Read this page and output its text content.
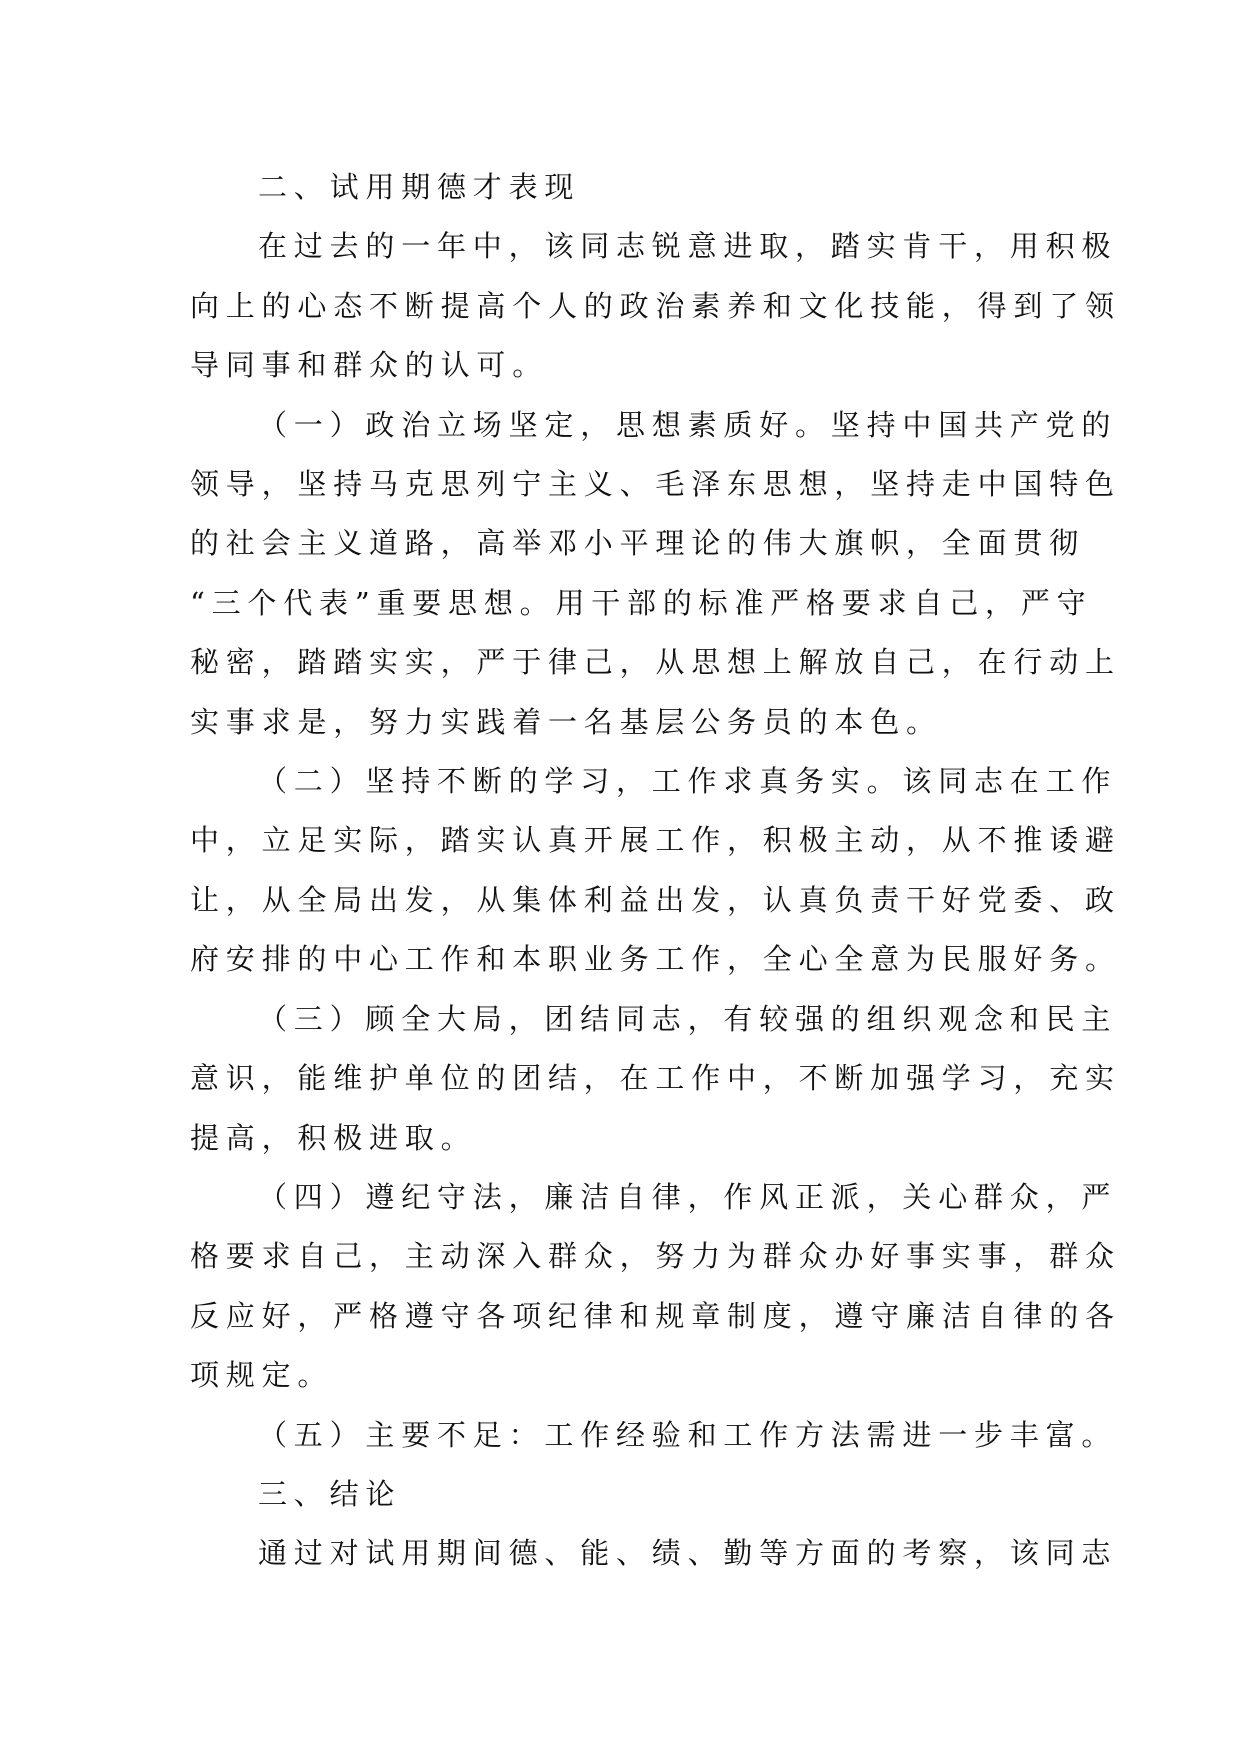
二、试用期德才表现
在过去的一年中，该同志锐意进取，踏实肯干，用积极
向上的心态不断提高个人的政治素养和文化技能，得到了领
导同事和群众的认可。
（一）政治立场坚定，思想素质好。坚持中国共产党的
领导，坚持马克思列宁主义、毛泽东思想，坚持走中国特色
的社会主义道路，高举邓小平理论的伟大旗帜，全面贯彻
“三个代表”重要思想。用干部的标准严格要求自己，严守
秘密，踏踏实实，严于律己，从思想上解放自己，在行动上
实事求是，努力实践着一名基层公务员的本色。
（二）坚持不断的学习，工作求真务实。该同志在工作
中，立足实际，踏实认真开展工作，积极主动，从不推诿避
让，从全局出发，从集体利益出发，认真负责干好党委、政
府安排的中心工作和本职业务工作，全心全意为民服好务。
（三）顾全大局，团结同志，有较强的组织观念和民主
意识，能维护单位的团结，在工作中，不断加强学习，充实
提高，积极进取。
（四）遵纪守法，廉洁自律，作风正派，关心群众，严
格要求自己，主动深入群众，努力为群众办好事实事，群众
反应好，严格遵守各项纪律和规章制度，遵守廉洁自律的各
项规定。
（五）主要不足：工作经验和工作方法需进一步丰富。
三、结论
通过对试用期间德、能、绩、勤等方面的考察，该同志
